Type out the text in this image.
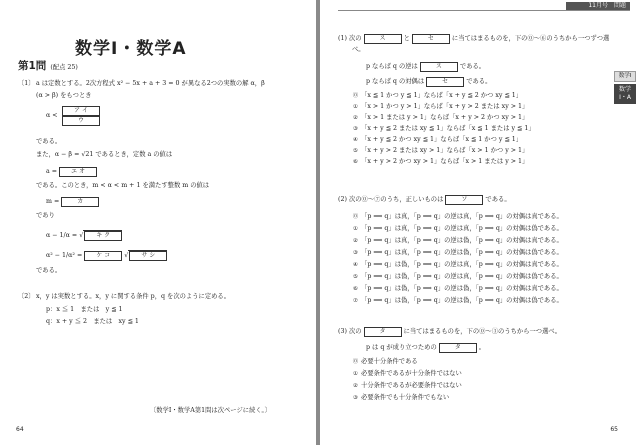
数学Ⅰ・数学A
第1問 (配点 25)
〔1〕 a は定数とする。2次方程式 x² − 5x + a + 3 = 0 が異なる2つの実数の解 α，β
(α > β) をもつとき
$\alpha < \frac{\text{ア イ}}{\text{ウ}}$
である。
また，α − β = √21 であるとき，定数 a の値は
a = エ オ
である。このとき，m < α < m + 1 を満たす整数 m の値は
m =	カ
であり
α − 1/α = √ キ ク
α² − 1/α² = ケ コ √ サ シ
である。
〔2〕 x，y は実数とする。x，y に関する条件 p，q を次のように定める。
p：x ≦ 1　または　y ≦ 1
q：x + y ≦ 2　または　xy ≦ 1
〔数学Ⅰ・数学A第1問は次ページに続く。〕
64
11月号　問題
数学Ⅰ
数学
Ⅰ・A
(1) 次の	ス	と	セ	に当てはまるものを，下の⓪〜⑥のうちから一つずつ選
べ。
p ならば q の逆は	ス	である。
p ならば q の対偶は	セ	である。
⓪ 「x ≦ 1 かつ y ≦ 1」ならば「x + y ≦ 2 かつ xy ≦ 1」
① 「x > 1 かつ y > 1」ならば「x + y > 2 または xy > 1」
② 「x > 1 または y > 1」ならば「x + y > 2 かつ xy > 1」
③ 「x + y ≦ 2 または xy ≦ 1」ならば「x ≦ 1 または y ≦ 1」
④ 「x + y ≦ 2 かつ xy ≦ 1」ならば「x ≦ 1 かつ y ≦ 1」
⑤ 「x + y > 2 または xy > 1」ならば「x > 1 かつ y > 1」
⑥ 「x + y > 2 かつ xy > 1」ならば「x > 1 または y > 1」
(2) 次の⓪〜⑦のうち，正しいものは	ソ	である。
⓪ 「p ⟹ q」は真，「p ⟹ q」の逆は真，「p ⟹ q」の対偶は真である。
① 「p ⟹ q」は真，「p ⟹ q」の逆は真，「p ⟹ q」の対偶は偽である。
② 「p ⟹ q」は真，「p ⟹ q」の逆は偽，「p ⟹ q」の対偶は真である。
③ 「p ⟹ q」は真，「p ⟹ q」の逆は偽，「p ⟹ q」の対偶は偽である。
④ 「p ⟹ q」は偽，「p ⟹ q」の逆は真，「p ⟹ q」の対偶は真である。
⑤ 「p ⟹ q」は偽，「p ⟹ q」の逆は真，「p ⟹ q」の対偶は偽である。
⑥ 「p ⟹ q」は偽，「p ⟹ q」の逆は偽，「p ⟹ q」の対偶は真である。
⑦ 「p ⟹ q」は偽，「p ⟹ q」の逆は偽，「p ⟹ q」の対偶は偽である。
(3) 次の	タ	に当てはまるものを，下の⓪〜③のうちから一つ選べ。
p は q が成り立つための	タ	。
⓪ 必要十分条件である
① 必要条件であるが十分条件ではない
② 十分条件であるが必要条件ではない
③ 必要条件でも十分条件でもない
65
